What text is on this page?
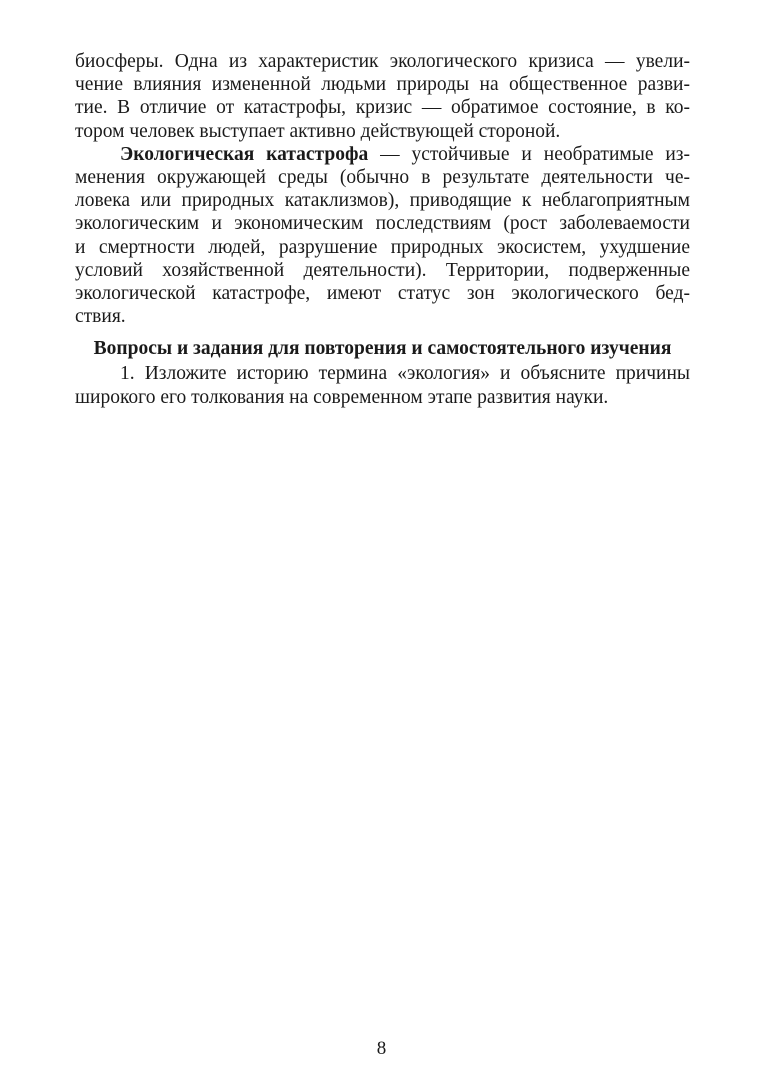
биосферы. Одна из характеристик экологического кризиса — увели-
чение влияния измененной людьми природы на общественное разви-
тие. В отличие от катастрофы, кризис — обратимое состояние, в ко-
тором человек выступает активно действующей стороной.
Экологическая катастрофа — устойчивые и необратимые из-
менения окружающей среды (обычно в результате деятельности че-
ловека или природных катаклизмов), приводящие к неблагоприятным
экологическим и экономическим последствиям (рост заболеваемости
и смертности людей, разрушение природных экосистем, ухудшение
условий хозяйственной деятельности). Территории, подверженные
экологической катастрофе, имеют статус зон экологического бед-
ствия.
Вопросы и задания для повторения и самостоятельного изучения
1. Изложите историю термина «экология» и объясните причины
широкого его толкования на современном этапе развития науки.
8
